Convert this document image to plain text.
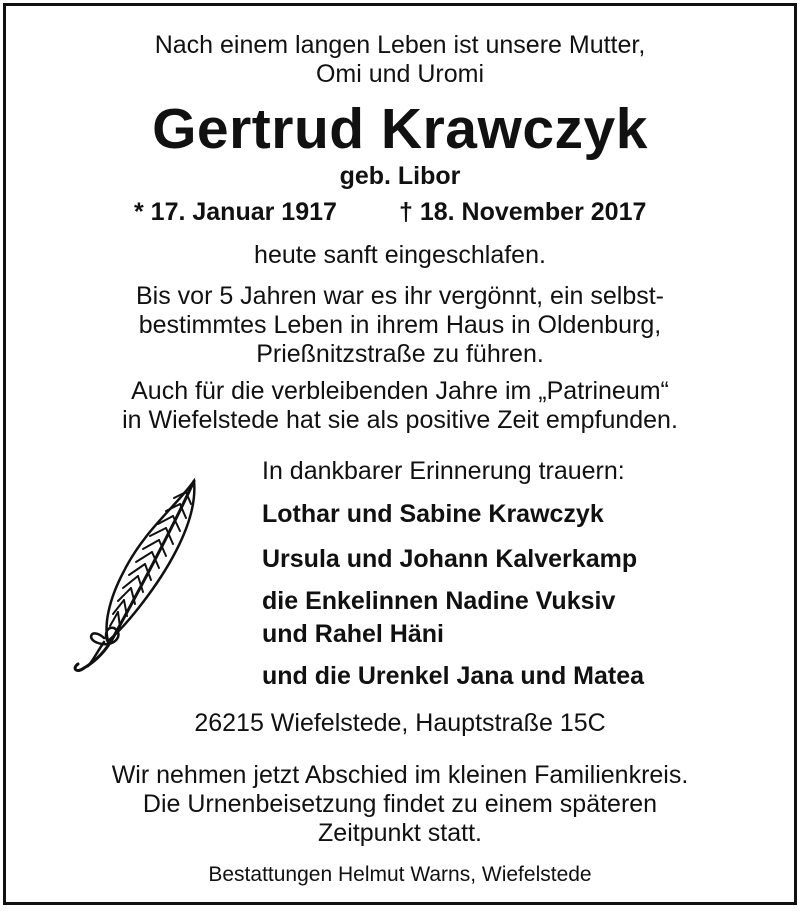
Nach einem langen Leben ist unsere Mutter,

Omi und Uromi

Gertrud Krawczyk

geb. Libor

* 17. Januar 1917 † 18. November 2017

heute sanft eingeschlafen.

Bis vor 5 Jahren war es ihr vergönnt, ein selbst-

bestimmtes Leben in ihrem Haus in Oldenburg,

Prießnitzstraße zu führen.

Auch für die verbleibenden Jahre im „Patrineum“

in Wiefelstede hat sie als positive Zeit empfunden.

In dankbarer Erinnerung trauern:

Lothar und Sabine Krawczyk

Ursula und Johann Kalverkamp

die Enkelinnen Nadine Vuksiv

und Rahel Häni

und die Urenkel Jana und Matea

26215 Wiefelstede, Hauptstraße 15C

Wir nehmen jetzt Abschied im kleinen Familienkreis.

Die Urnenbeisetzung findet zu einem späteren

Zeitpunkt statt.

Bestattungen Helmut Warns, Wiefelstede
